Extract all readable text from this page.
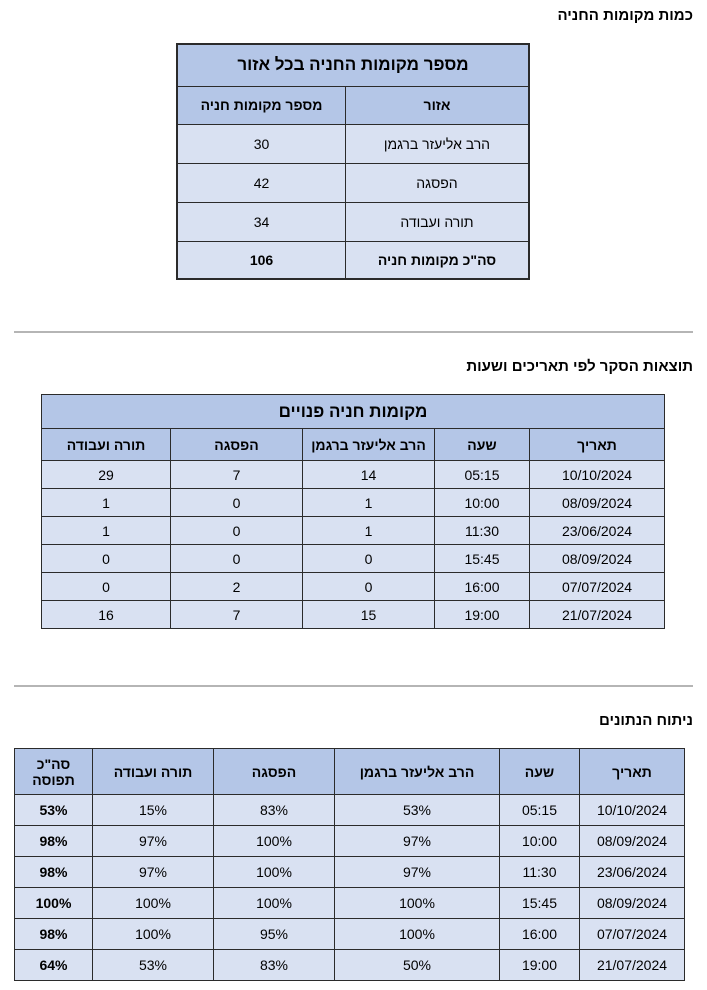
כמות מקומות החניה
מספר מקומות החניה בכל אזור	
אזור	מספר מקומות חניה
הרב אליעזר ברגמן	30
הפסגה	42
תורה ועבודה	34
סה"כ מקומות חניה	106
תוצאות הסקר לפי תאריכים ושעות
מקומות חניה פנויים				
תאריך	שעה	הרב אליעזר ברגמן	הפסגה	תורה ועבודה
10/10/2024	05:15	14	7	29
08/09/2024	10:00	1	0	1
23/06/2024	11:30	1	0	1
08/09/2024	15:45	0	0	0
07/07/2024	16:00	0	2	0
21/07/2024	19:00	15	7	16
ניתוח הנתונים
תאריך	שעה	הרב אליעזר ברגמן	הפסגה	תורה ועבודה	סה"כ תפוסה
10/10/2024	05:15	53%	83%	15%	53%
08/09/2024	10:00	97%	100%	97%	98%
23/06/2024	11:30	97%	100%	97%	98%
08/09/2024	15:45	100%	100%	100%	100%
07/07/2024	16:00	100%	95%	100%	98%
21/07/2024	19:00	50%	83%	53%	64%
